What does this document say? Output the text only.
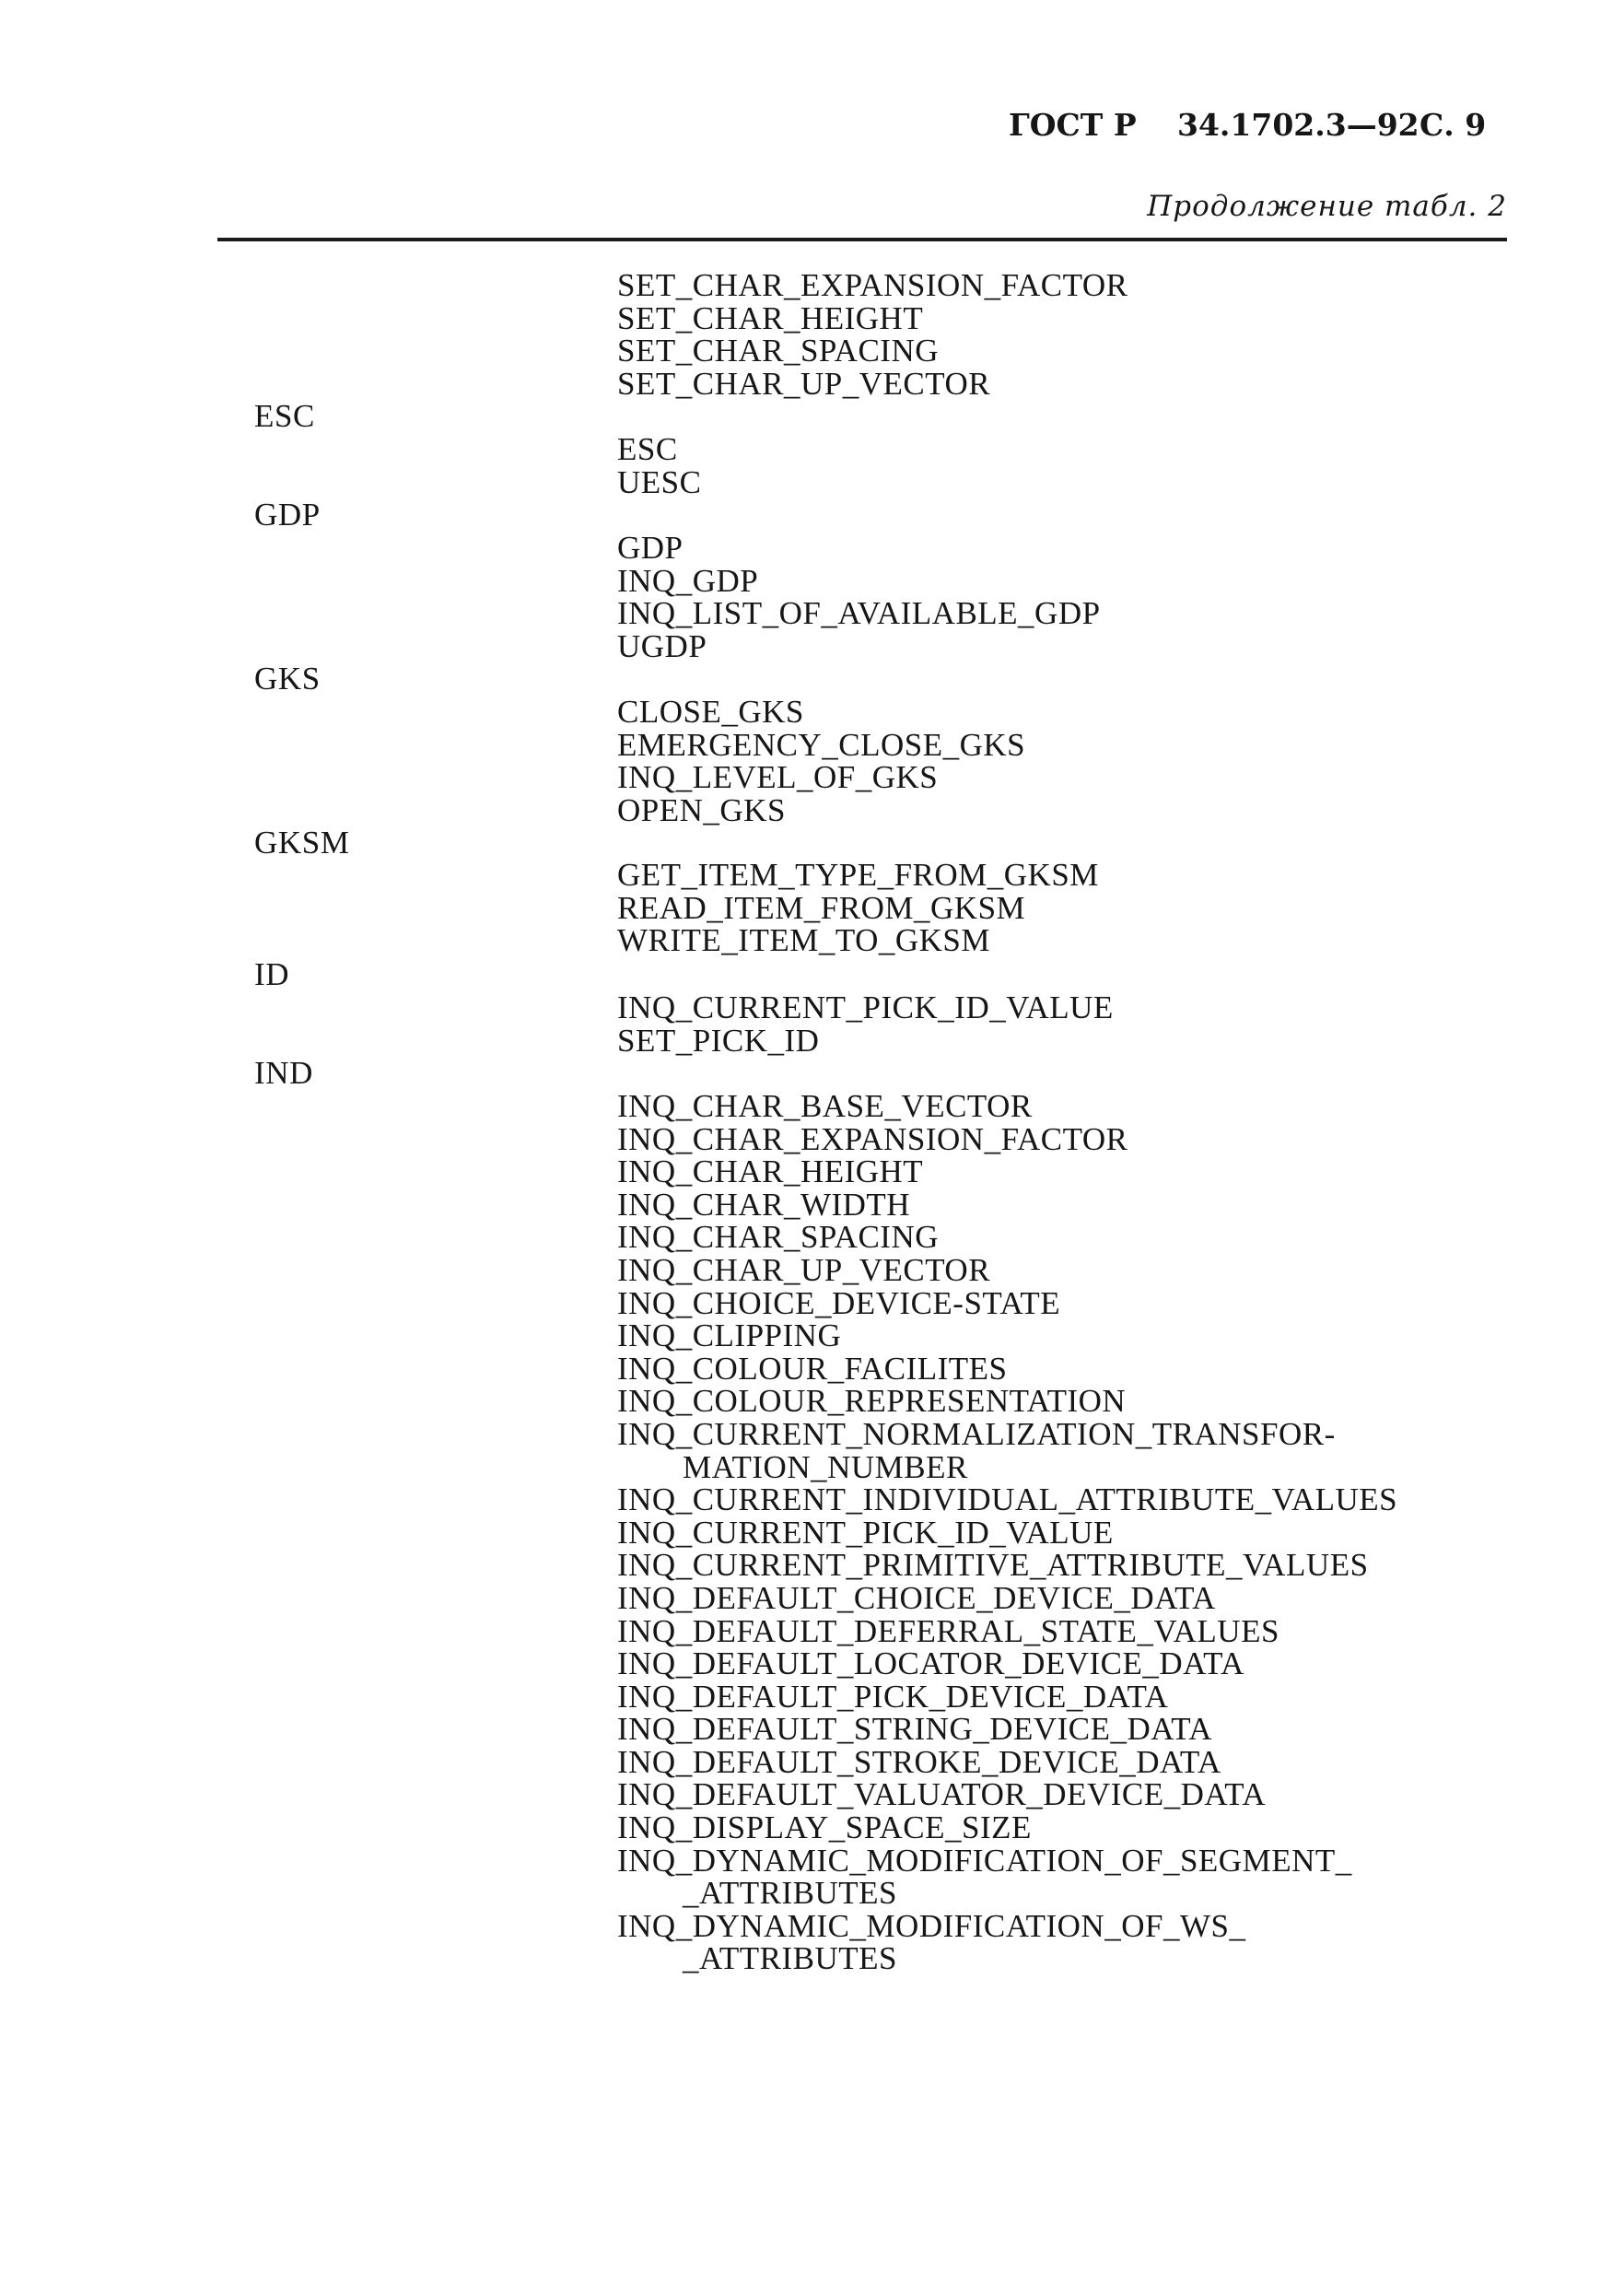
ГОСТ Р 34.1702.3—92 С. 9
Продолжение табл. 2
ESC
GDP
GKS
GKSM
ID
IND
SET_CHAR_EXPANSION_FACTOR
SET_CHAR_HEIGHT
SET_CHAR_SPACING
SET_CHAR_UP_VECTOR
ESC
UESC
GDP
INQ_GDP
INQ_LIST_OF_AVAILABLE_GDP
UGDP
CLOSE_GKS
EMERGENCY_CLOSE_GKS
INQ_LEVEL_OF_GKS
OPEN_GKS
GET_ITEM_TYPE_FROM_GKSM
READ_ITEM_FROM_GKSM
WRITE_ITEM_TO_GKSM
INQ_CURRENT_PICK_ID_VALUE
SET_PICK_ID
INQ_CHAR_BASE_VECTOR
INQ_CHAR_EXPANSION_FACTOR
INQ_CHAR_HEIGHT
INQ_CHAR_WIDTH
INQ_CHAR_SPACING
INQ_CHAR_UP_VECTOR
INQ_CHOICE_DEVICE-STATE
INQ_CLIPPING
INQ_COLOUR_FACILITES
INQ_COLOUR_REPRESENTATION
INQ_CURRENT_NORMALIZATION_TRANSFOR-
MATION_NUMBER
INQ_CURRENT_INDIVIDUAL_ATTRIBUTE_VALUES
INQ_CURRENT_PICK_ID_VALUE
INQ_CURRENT_PRIMITIVE_ATTRIBUTE_VALUES
INQ_DEFAULT_CHOICE_DEVICE_DATA
INQ_DEFAULT_DEFERRAL_STATE_VALUES
INQ_DEFAULT_LOCATOR_DEVICE_DATA
INQ_DEFAULT_PICK_DEVICE_DATA
INQ_DEFAULT_STRING_DEVICE_DATA
INQ_DEFAULT_STROKE_DEVICE_DATA
INQ_DEFAULT_VALUATOR_DEVICE_DATA
INQ_DISPLAY_SPACE_SIZE
INQ_DYNAMIC_MODIFICATION_OF_SEGMENT_
_ATTRIBUTES
INQ_DYNAMIC_MODIFICATION_OF_WS_
_ATTRIBUTES
